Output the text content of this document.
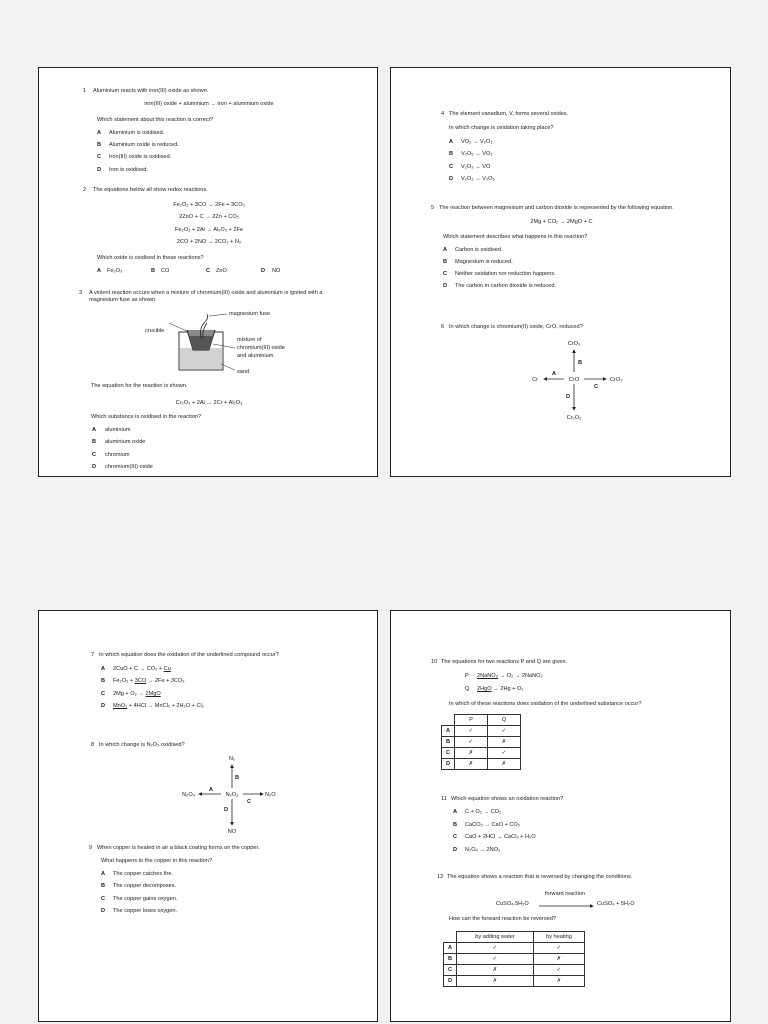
1 Aluminium reacts with iron(III) oxide as shown.
iron(III) oxide + aluminium → iron + aluminium oxide
Which statement about this reaction is correct?
A Aluminium is oxidised.
B Aluminium oxide is reduced.
C Iron(III) oxide is oxidised.
D Iron is oxidised.
2 The equations below all show redox reactions.
Fe₂O₃ + 3CO → 2Fe + 3CO₂
2ZnO + C → 2Zn + CO₂
Fe₂O₃ + 2Al → Al₂O₃ + 2Fe
2CO + 2NO → 2CO₂ + N₂
Which oxide is oxidised in these reactions?
A Fe₂O₃	B CO	C ZnO	D NO
3 A violent reaction occurs when a mixture of chromium(III) oxide and aluminium is ignited with a
magnesium fuse as shown.
magnesium fuse
crucible
mixture of
chromium(III) oxide
and aluminium
sand
The equation for the reaction is shown.
Cr₂O₃ + 2Al → 2Cr + Al₂O₃
Which substance is oxidised in the reaction?
A aluminium
B aluminium oxide
C chromium
D chromium(III) oxide
4 The element vanadium, V, forms several oxides.
In which change is oxidation taking place?
A VO₂ → V₂O₃
B V₂O₅ → VO₂
C V₂O₃ → VO
D V₂O₃ → V₂O₅
5 The reaction between magnesium and carbon dioxide is represented by the following equation.
2Mg + CO₂ → 2MgO + C
Which statement describes what happens in this reaction?
A Carbon is oxidised.
B Magnesium is reduced.
C Neither oxidation nor reduction happens.
D The carbon in carbon dioxide is reduced.
6 In which change is chromium(II) oxide, CrO, reduced?
CrO₃
CrO
Cr	CrO₃
Cr₂O₃
A
B
C
D
7 In which equation does the oxidation of the underlined compound occur?
A 2CuO + C → CO₂ + Cu
B Fe₂O₃ + 3CO → 2Fe + 3CO₂
C 2Mg + O₂ → 2MgO
D MnO₂ + 4HCl → MnCl₂ + 2H₂O + Cl₂
8 In which change is N₂O₃ oxidised?
N₂
N₂O₃
N₂O₄	N₂O
NO
A
B
C
D
9 When copper is heated in air a black coating forms on the copper.
What happens to the copper in this reaction?
A The copper catches fire.
B The copper decomposes.
C The copper gains oxygen.
D The copper loses oxygen.
10 The equations for two reactions P and Q are given.
P 2NaNO₃ → O₂ → 2NaNO₂
Q 2HgO → 2Hg + O₂
In which of these reactions does oxidation of the underlined substance occur?
	P	Q
A	✓	✓
B	✓	✗
C	✗	✓
D	✗	✗
11 Which equation shows an oxidation reaction?
A C + O₂ → CO₂
B CaCO₃ → CaO + CO₂
C CaO + 2HCl → CaCl₂ + H₂O
D N₂O₄ → 2NO₂
12 The equation shows a reaction that is reversed by changing the conditions.
forward reaction
CuSO₄.5H₂O	CuSO₄ + 5H₂O
How can the forward reaction be reversed?
	by adding water	by heating
A	✓	✓
B	✓	✗
C	✗	✓
D	✗	✗
